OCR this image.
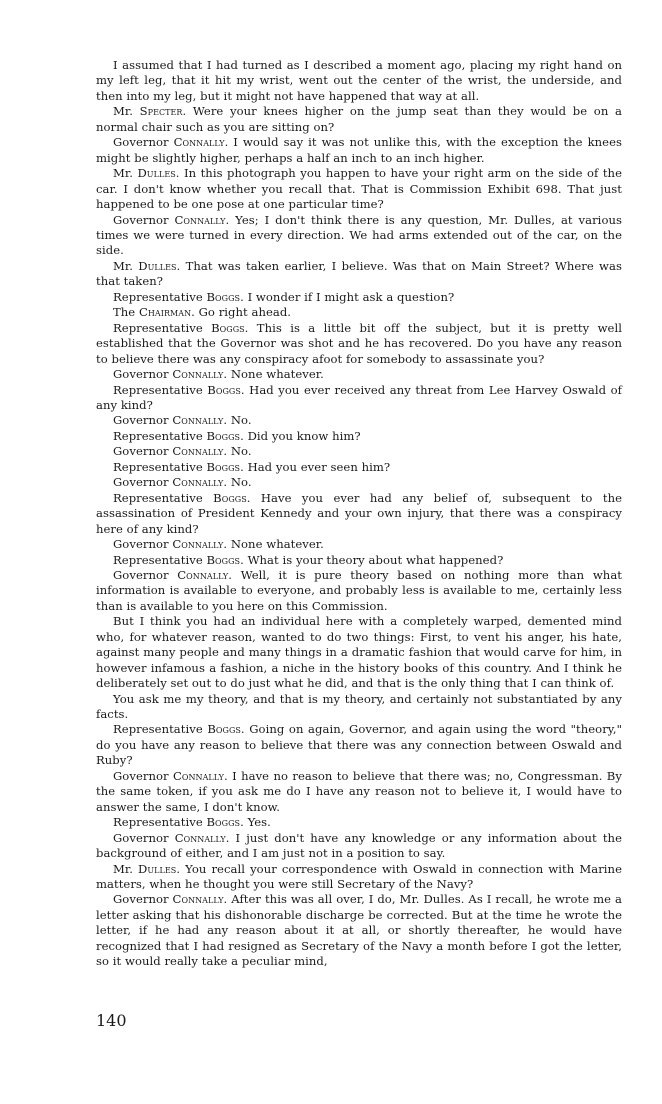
I assumed that I had turned as I described a moment ago, placing my right hand on my left leg, that it hit my wrist, went out the center of the wrist, the underside, and then into my leg, but it might not have happened that way at all.

Mr. Specter. Were your knees higher on the jump seat than they would be on a normal chair such as you are sitting on?

Governor Connally. I would say it was not unlike this, with the exception the knees might be slightly higher, perhaps a half an inch to an inch higher.

Mr. Dulles. In this photograph you happen to have your right arm on the side of the car. I don't know whether you recall that. That is Commission Exhibit 698. That just happened to be one pose at one particular time?

Governor Connally. Yes; I don't think there is any question, Mr. Dulles, at various times we were turned in every direction. We had arms extended out of the car, on the side.

Mr. Dulles. That was taken earlier, I believe. Was that on Main Street? Where was that taken?

Representative Boggs. I wonder if I might ask a question?

The Chairman. Go right ahead.

Representative Boggs. This is a little bit off the subject, but it is pretty well established that the Governor was shot and he has recovered. Do you have any reason to believe there was any conspiracy afoot for somebody to assassinate you?

Governor Connally. None whatever.

Representative Boggs. Had you ever received any threat from Lee Harvey Oswald of any kind?

Governor Connally. No.

Representative Boggs. Did you know him?

Governor Connally. No.

Representative Boggs. Had you ever seen him?

Governor Connally. No.

Representative Boggs. Have you ever had any belief of, subsequent to the assassination of President Kennedy and your own injury, that there was a conspiracy here of any kind?

Governor Connally. None whatever.

Representative Boggs. What is your theory about what happened?

Governor Connally. Well, it is pure theory based on nothing more than what information is available to everyone, and probably less is available to me, certainly less than is available to you here on this Commission.

But I think you had an individual here with a completely warped, demented mind who, for whatever reason, wanted to do two things: First, to vent his anger, his hate, against many people and many things in a dramatic fashion that would carve for him, in however infamous a fashion, a niche in the history books of this country. And I think he deliberately set out to do just what he did, and that is the only thing that I can think of.

You ask me my theory, and that is my theory, and certainly not substantiated by any facts.

Representative Boggs. Going on again, Governor, and again using the word "theory," do you have any reason to believe that there was any connection between Oswald and Ruby?

Governor Connally. I have no reason to believe that there was; no, Congressman. By the same token, if you ask me do I have any reason not to believe it, I would have to answer the same, I don't know.

Representative Boggs. Yes.

Governor Connally. I just don't have any knowledge or any information about the background of either, and I am just not in a position to say.

Mr. Dulles. You recall your correspondence with Oswald in connection with Marine matters, when he thought you were still Secretary of the Navy?

Governor Connally. After this was all over, I do, Mr. Dulles. As I recall, he wrote me a letter asking that his dishonorable discharge be corrected. But at the time he wrote the letter, if he had any reason about it at all, or shortly thereafter, he would have recognized that I had resigned as Secretary of the Navy a month before I got the letter, so it would really take a peculiar mind,

140
